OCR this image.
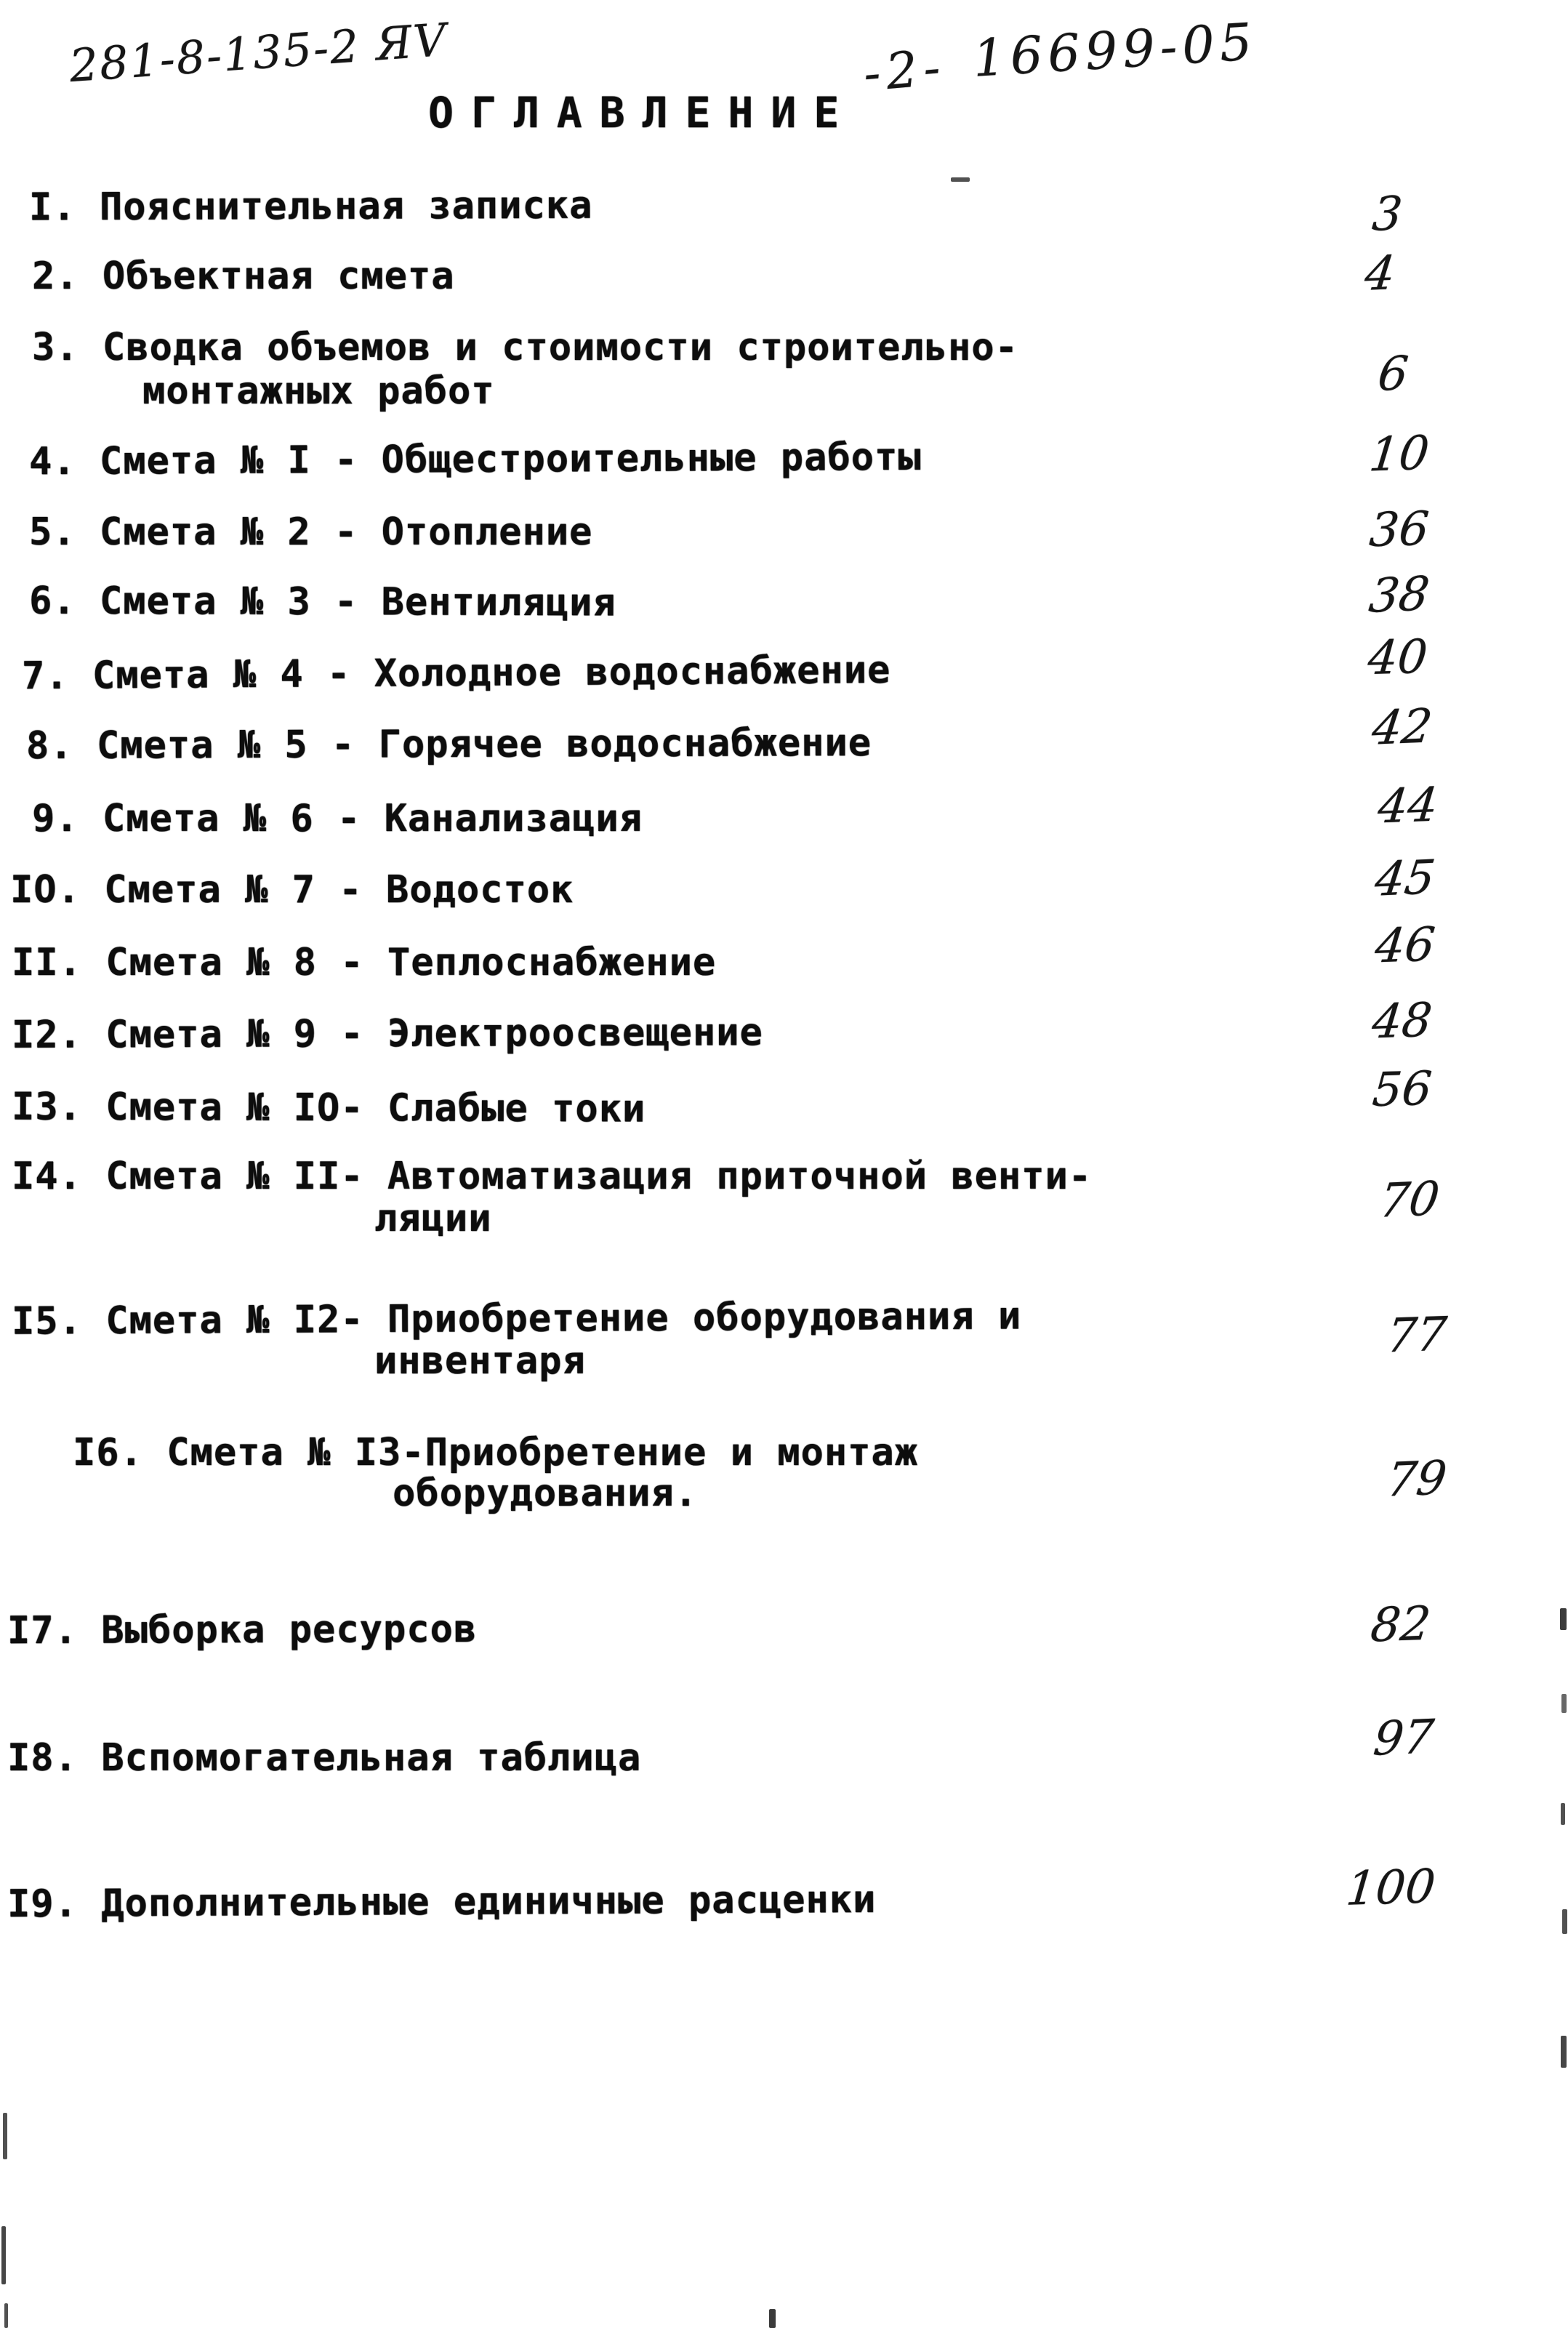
281-8-135-2 ЯV	-2- 16699-05
ОГЛАВЛЕНИЕ
I. Пояснительная записка	3
2. Объектная смета	4
3. Сводка объемов и стоимости строительно-
монтажных работ	6
4. Смета № I - Общестроительные работы	10
5. Смета № 2 - Отопление	36
6. Смета № 3 - Вентиляция	38
7. Смета № 4 - Холодное водоснабжение	40
8. Смета № 5 - Горячее водоснабжение	42
9. Смета № 6 - Канализация	44
IO. Смета № 7 - Водосток	45
II. Смета № 8 - Теплоснабжение	46
I2. Смета № 9 - Электроосвещение	48
I3. Смета № IO- Слабые токи	56
I4. Смета № II- Автоматизация приточной венти-
ляции	70
I5. Смета № I2- Приобретение оборудования и
инвентаря	77
I6. Смета № I3-Приобретение и монтаж
оборудования.	79
I7. Выборка ресурсов	82
I8. Вспомогательная таблица	97
I9. Дополнительные единичные расценки	100
